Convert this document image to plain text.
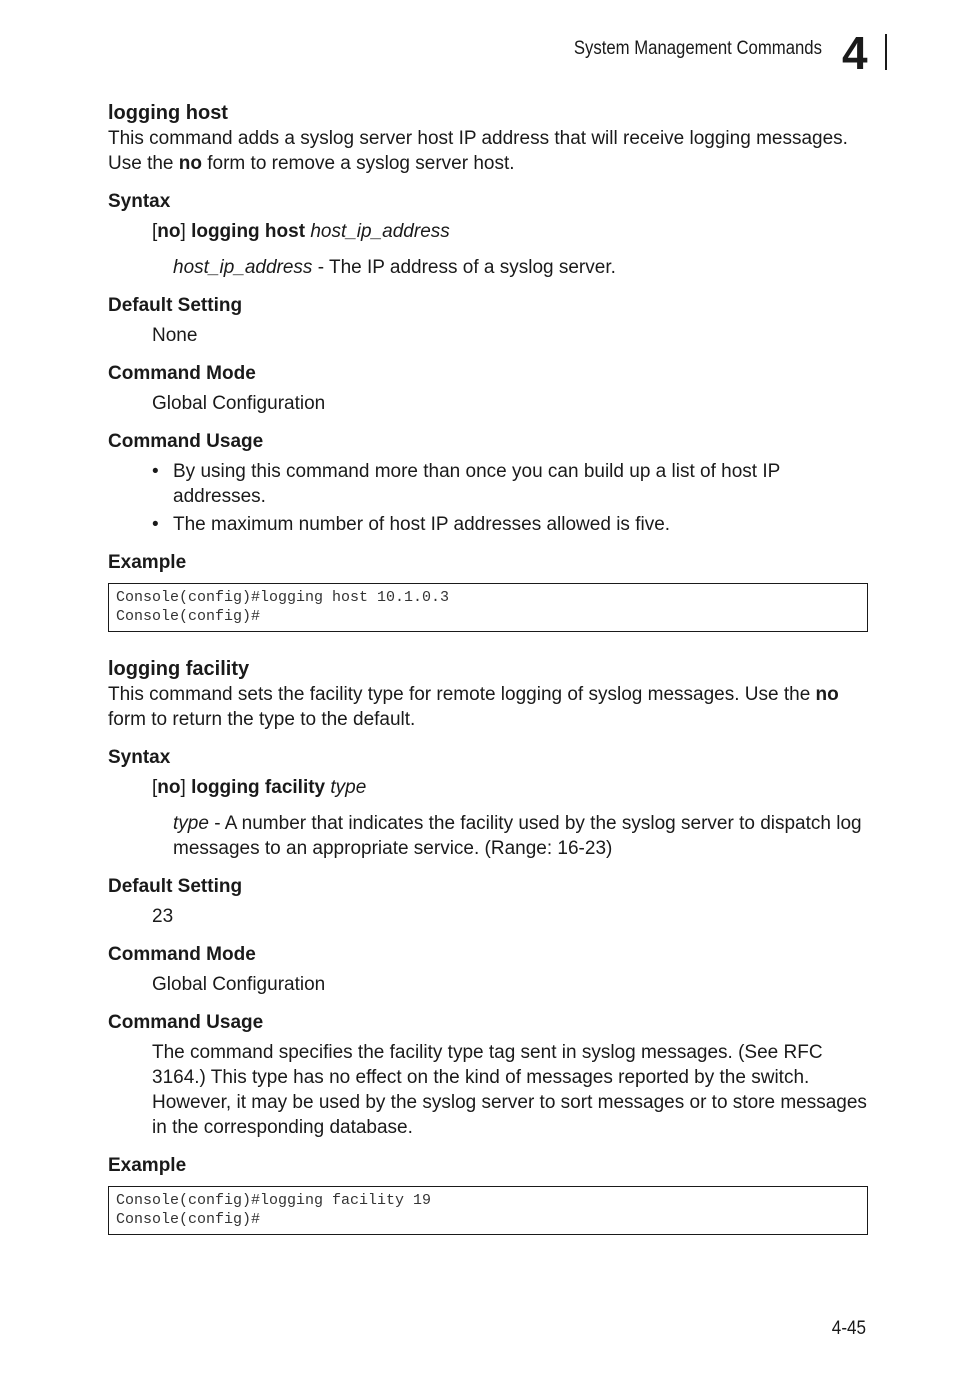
System Management Commands 4
logging host

This command adds a syslog server host IP address that will receive logging messages. Use the no form to remove a syslog server host.

Syntax
[no] logging host host_ip_address
host_ip_address - The IP address of a syslog server.
Default Setting
None
Command Mode
Global Configuration
Command Usage
• By using this command more than once you can build up a list of host IP addresses.
• The maximum number of host IP addresses allowed is five.
Example
Console(config)#logging host 10.1.0.3
Console(config)#
logging facility

This command sets the facility type for remote logging of syslog messages. Use the no form to return the type to the default.

Syntax
[no] logging facility type
type - A number that indicates the facility used by the syslog server to dispatch log messages to an appropriate service. (Range: 16-23)
Default Setting
23
Command Mode
Global Configuration
Command Usage
The command specifies the facility type tag sent in syslog messages. (See RFC 3164.) This type has no effect on the kind of messages reported by the switch. However, it may be used by the syslog server to sort messages or to store messages in the corresponding database.
Example
Console(config)#logging facility 19
Console(config)#
4-45
